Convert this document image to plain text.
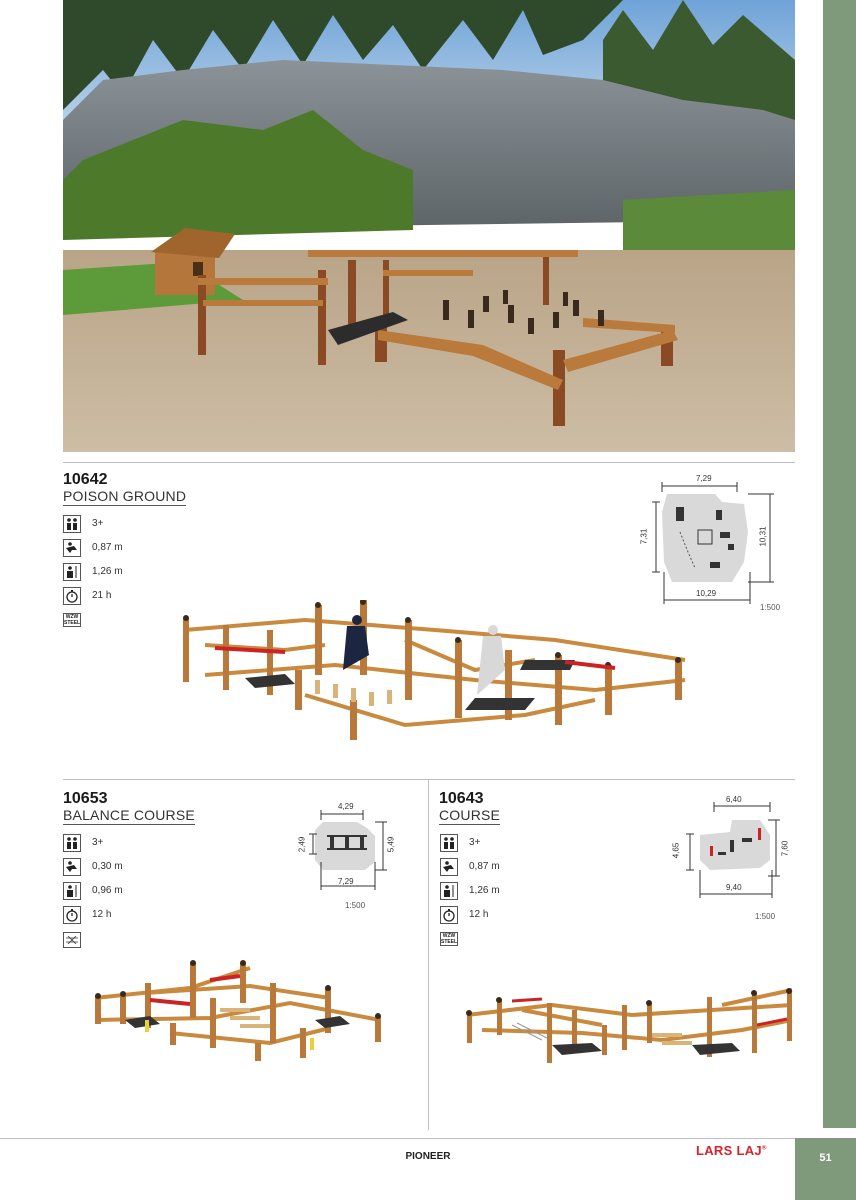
51
10642
POISON GROUND
3+
0,87 m
1,26 m
21 h
WZW
STEEL
7,29
7,31	10,31
10,29
1:500
10653
BALANCE COURSE
3+
0,30 m
0,96 m
12 h
4,29
2,49	5,49
7,29
1:500
10643
COURSE
3+
0,87 m
1,26 m
12 h
WZW
STEEL
6,40
4,65	7,60
9,40
1:500
PIONEER	LARS LAJ®
